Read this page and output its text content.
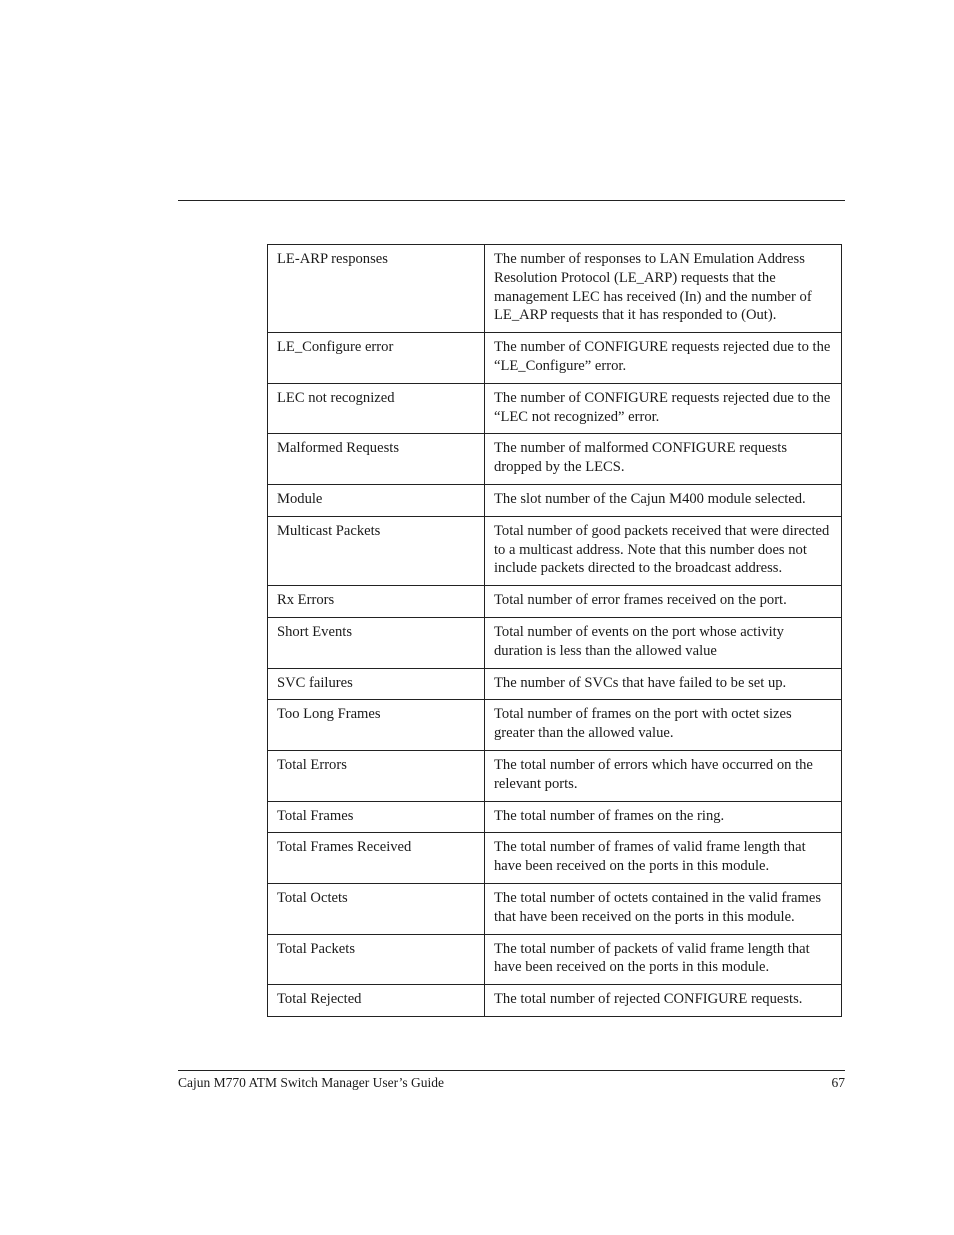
LE-ARP responses	The number of responses to LAN Emulation Address Resolution Protocol (LE_ARP) requests that the management LEC has received (In) and the number of LE_ARP requests that it has responded to (Out).
LE_Configure error	The number of CONFIGURE requests rejected due to the “LE_Configure” error.
LEC not recognized	The number of CONFIGURE requests rejected due to the “LEC not recognized” error.
Malformed Requests	The number of malformed CONFIGURE requests dropped by the LECS.
Module	The slot number of the Cajun M400 module selected.
Multicast Packets	Total number of good packets received that were directed to a multicast address. Note that this number does not include packets directed to the broadcast address.
Rx Errors	Total number of error frames received on the port.
Short Events	Total number of events on the port whose activity duration is less than the allowed value
SVC failures	The number of SVCs that have failed to be set up.
Too Long Frames	Total number of frames on the port with octet sizes greater than the allowed value.
Total Errors	The total number of errors which have occurred on the relevant ports.
Total Frames	The total number of frames on the ring.
Total Frames Received	The total number of frames of valid frame length that have been received on the ports in this module.
Total Octets	The total number of octets contained in the valid frames that have been received on the ports in this module.
Total Packets	The total number of packets of valid frame length that have been received on the ports in this module.
Total Rejected	The total number of rejected CONFIGURE requests.
Cajun M770 ATM Switch Manager User’s Guide	67
